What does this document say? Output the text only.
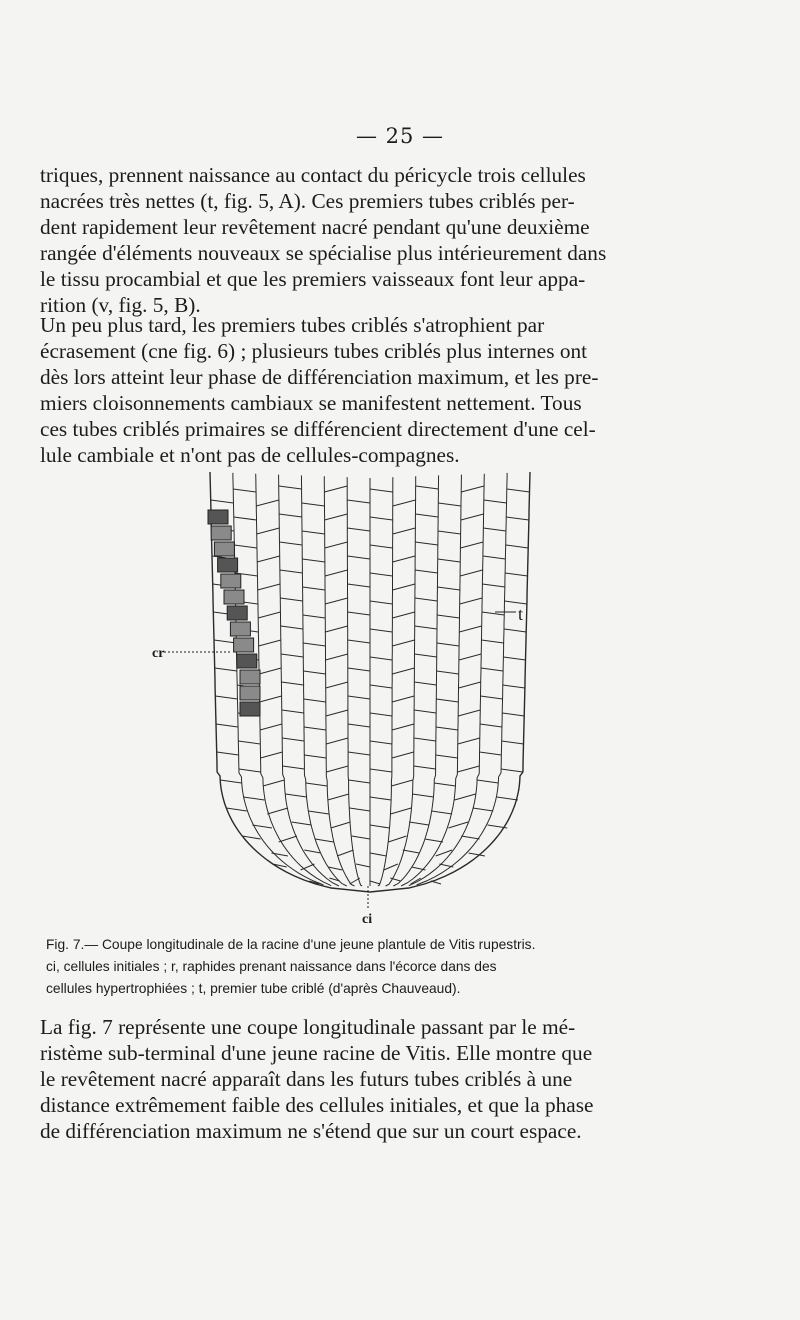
— 25 —

triques, prennent naissance au contact du péricycle trois cellules
nacrées très nettes (t, fig. 5, A). Ces premiers tubes criblés per-
dent rapidement leur revêtement nacré pendant qu'une deuxième
rangée d'éléments nouveaux se spécialise plus intérieurement dans
le tissu procambial et que les premiers vaisseaux font leur appa-
rition (v, fig. 5, B).

Un peu plus tard, les premiers tubes criblés s'atrophient par
écrasement (cne fig. 6) ; plusieurs tubes criblés plus internes ont
dès lors atteint leur phase de différenciation maximum, et les pre-
miers cloisonnements cambiaux se manifestent nettement. Tous
ces tubes criblés primaires se différencient directement d'une cel-
lule cambiale et n'ont pas de cellules-compagnes.

cr
t
ci
Fig. 7.— Coupe longitudinale de la racine d'une jeune plantule de Vitis rupestris.
ci, cellules initiales ; r, raphides prenant naissance dans l'écorce dans des
cellules hypertrophiées ; t, premier tube criblé (d'après Chauveaud).

La fig. 7 représente une coupe longitudinale passant par le mé-
ristème sub-terminal d'une jeune racine de Vitis. Elle montre que
le revêtement nacré apparaît dans les futurs tubes criblés à une
distance extrêmement faible des cellules initiales, et que la phase
de différenciation maximum ne s'étend que sur un court espace.
